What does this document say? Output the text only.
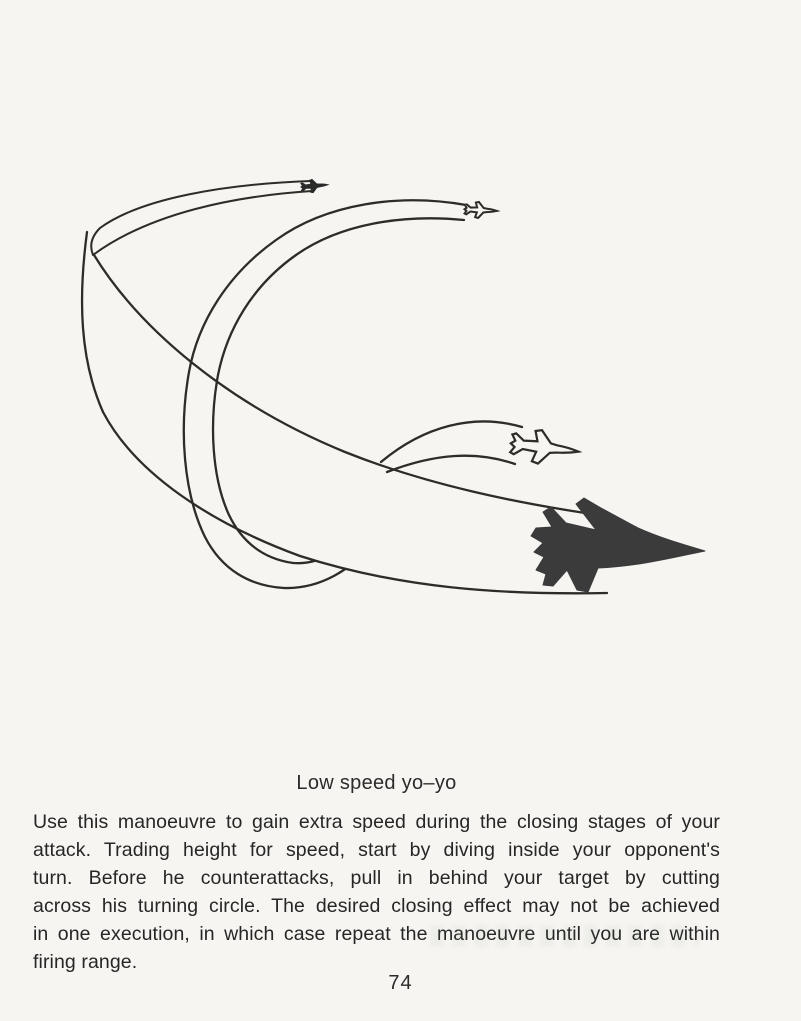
Low speed yo–yo
Use this manoeuvre to gain extra speed during the closing stages of your
attack. Trading height for speed, start by diving inside your opponent's
turn. Before he counterattacks, pull in behind your target by cutting
across his turning circle. The desired closing effect may not be achieved
in one execution, in which case repeat the manoeuvre until you are within
firing range.
74
